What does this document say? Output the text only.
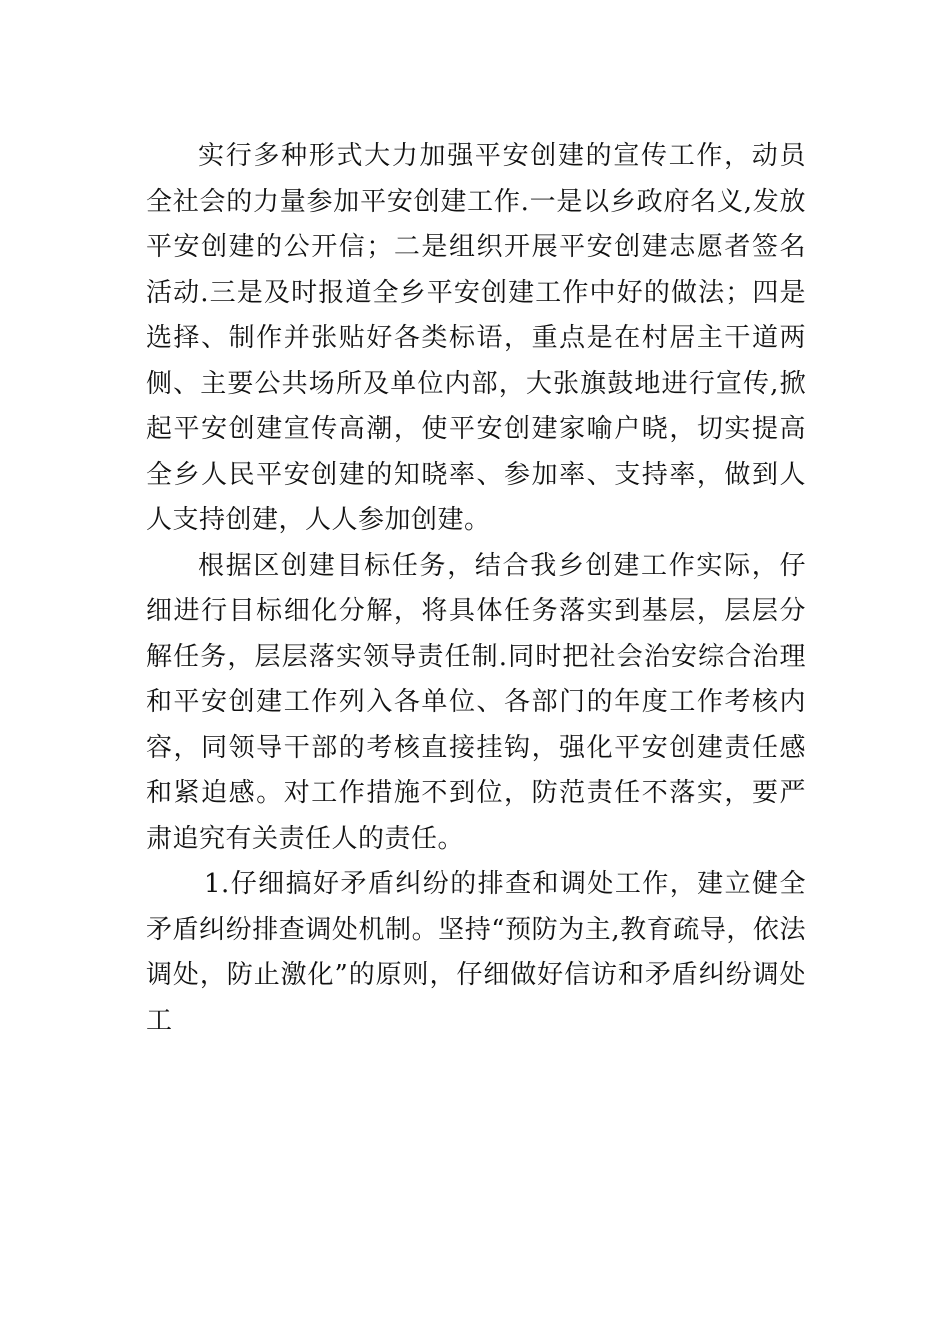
实行多种形式大力加强平安创建的宣传工作，动员全社会的力量参加平安创建工作.一是以乡政府名义,发放平安创建的公开信；二是组织开展平安创建志愿者签名活动.三是及时报道全乡平安创建工作中好的做法；四是选择、制作并张贴好各类标语，重点是在村居主干道两侧、主要公共场所及单位内部，大张旗鼓地进行宣传,掀起平安创建宣传高潮，使平安创建家喻户晓，切实提高全乡人民平安创建的知晓率、参加率、支持率，做到人人支持创建，人人参加创建。

根据区创建目标任务，结合我乡创建工作实际，仔细进行目标细化分解，将具体任务落实到基层，层层分解任务，层层落实领导责任制.同时把社会治安综合治理和平安创建工作列入各单位、各部门的年度工作考核内容，同领导干部的考核直接挂钩，强化平安创建责任感和紧迫感。对工作措施不到位，防范责任不落实，要严肃追究有关责任人的责任。

1.仔细搞好矛盾纠纷的排查和调处工作，建立健全矛盾纠纷排查调处机制。坚持“预防为主,教育疏导，依法调处，防止激化”的原则，仔细做好信访和矛盾纠纷调处工
